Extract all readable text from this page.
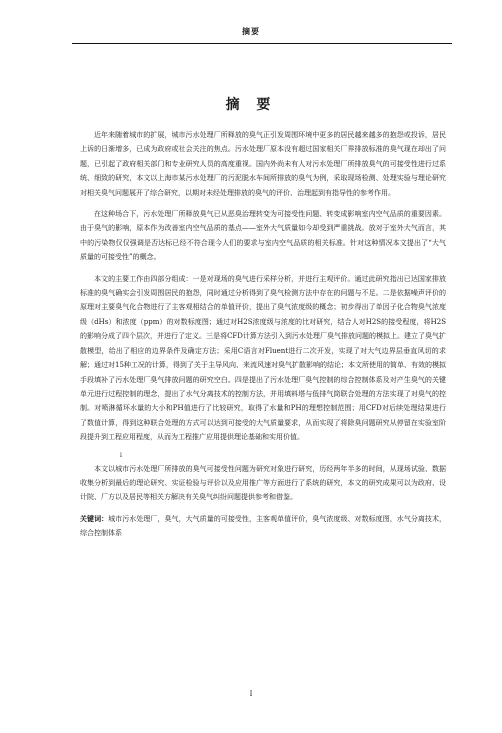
摘要
摘 要

近年来随着城市的扩展，城市污水处理厂所释放的臭气正引发周围环境中更多的居民越来越多的抱怨或投诉，居民上诉的日渐增多，已成为政府或社会关注的焦点。污水处理厂原本没有超过国家相关厂界排放标准的臭气现在却出了问题，已引起了政府相关部门和专业研究人员的高度重视。国内外尚未有人对污水处理厂所排放臭气的可接受性进行过系统、细致的研究，本文以上海市某污水处理厂的污泥脱水车间所排放的臭气为例，采取现场检测、处理实验与理论研究对相关臭气问题展开了综合研究，以期对未经处理排放的臭气的评价、治理起到有指导性的参考作用。

在这种场合下，污水处理厂所释放臭气已从恶臭治理转变为可接受性问题、转变成影响室内空气品质的重要因素。由于臭气的影响，原本作为改善室内空气品质的基点——室外大气质量如今却受到严重挑战。放对于室外大气而言，其中的污染物仅仅强调是否达标已经不符合现今人们的要求与室内空气品质的相关标准。针对这种情况本文提出了“大气质量的可接受性”的概念。

本文的主要工作由四部分组成：一是对现场的臭气进行采样分析，并进行主观评价。通过此研究指出已达国家排放标准的臭气确实会引发周围居民的抱怨，同时通过分析得到了臭气检测方法中存在的问题与不足。二是依据噪声评价的原理对主要臭气化合物进行了主客观相结合的单值评价，提出了臭气浓度级的概念；初步得出了单因子化合物臭气浓度级（dHs）和浓度（ppm）的对数标度图；通过对H2S浓度级与浓度的比对研究，结合人对H2S的接受程度，将H2S的影响分成了四个层次，并进行了定义。三是将CFD计算方法引入到污水处理厂臭气排放问题的模拟上。建立了臭气扩散模型，给出了相应的边界条件及确定方法；采用C语言对Fluent进行二次开发，实现了对大气边界层垂直风切的求解；通过对15种工况的计算，得到了关于主导风向、来流风速对臭气扩散影响的结论；本文所使用的简单、有效的模拟手段填补了污水处理厂臭气排放问题的研究空白。四是提出了污水处理厂臭气控制的综合控制体系及对产生臭气的关键单元进行过程控制的理念，提出了水气分离技术的控制方法，并用填料塔与低排气筒联合处理的方法实现了对臭气的控制。对喷淋循环水量的大小和PH值进行了比较研究，取得了水量和PH的理想控制范围；用CFD对后续处理结果进行了数值计算，得到这种联合处理的方式可以达到可接受的大气质量要求，从而实现了将除臭问题研究从停留在实验室阶段提升到工程应用程度，从而为工程推广应用提供理论基础和实用价值。

i

本文以城市污水处理厂所排放的臭气可接受性问题为研究对象进行研究，历经两年半多的时间，从现场试验、数据收集分析到最后的理论研究、实证检验与评价以及应用推广等方面进行了系统的研究，本文的研究成果可以为政府、设计院、厂方以及居民等相关方解决有关臭气纠纷问题提供参考和借鉴。

关键词：城市污水处理厂，臭气，大气质量的可接受性，主客观单值评价，臭气浓度级、对数标度图，水气分离技术，综合控制体系
I
